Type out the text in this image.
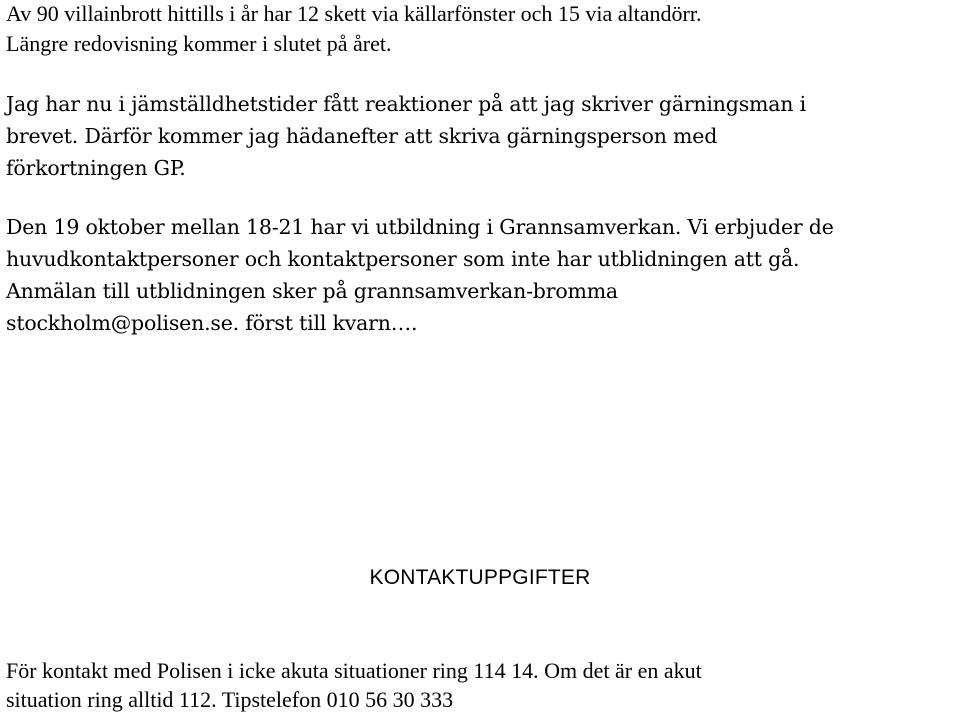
Av 90 villainbrott hittills i år har 12 skett via källarfönster och 15 via altandörr.
Längre redovisning kommer i slutet på året.
Jag har nu i jämställdhetstider fått reaktioner på att jag skriver gärningsman i
brevet. Därför kommer jag hädanefter att skriva gärningsperson med
förkortningen GP.
Den 19 oktober mellan 18-21 har vi utbildning i Grannsamverkan. Vi erbjuder de
huvudkontaktpersoner och kontaktpersoner som inte har utblidningen att gå.
Anmälan till utblidningen sker på grannsamverkan-bromma
stockholm@polisen.se. först till kvarn….
KONTAKTUPPGIFTER
För kontakt med Polisen i icke akuta situationer ring 114 14. Om det är en akut
situation ring alltid 112. Tipstelefon 010 56 30 333
